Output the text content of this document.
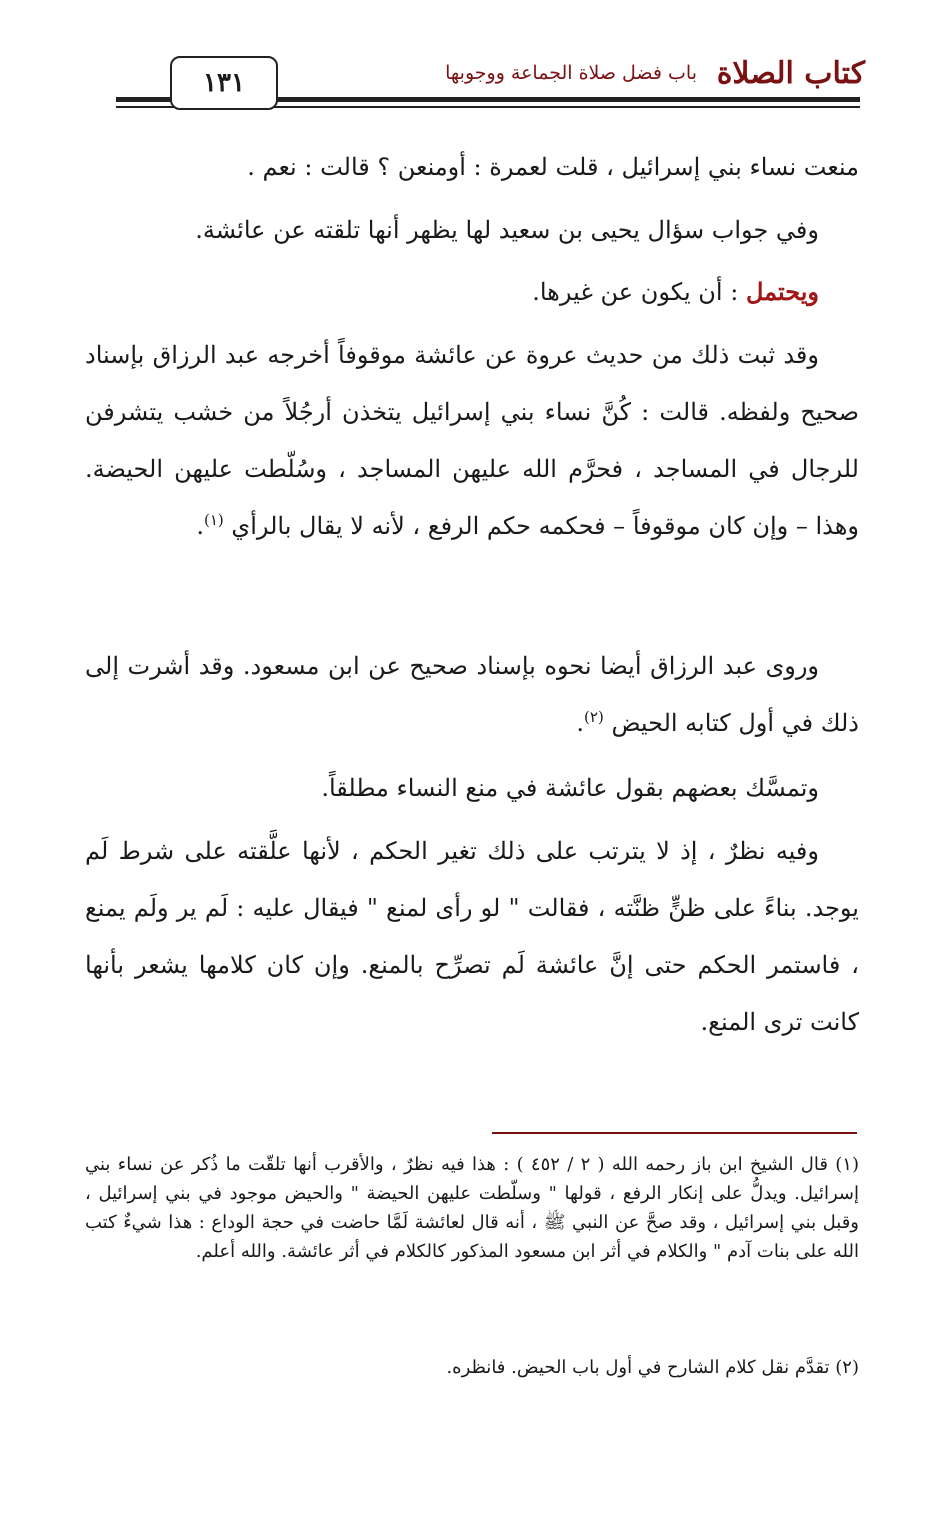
كتاب الصلاة
باب فضل صلاة الجماعة ووجوبها
١٣١

منعت نساء بني إسرائيل ، قلت لعمرة : أومنعن ؟ قالت : نعم .

وفي جواب سؤال يحيى بن سعيد لها يظهر أنها تلقته عن عائشة.

ويحتمل : أن يكون عن غيرها.

وقد ثبت ذلك من حديث عروة عن عائشة موقوفاً أخرجه عبد الرزاق بإسناد صحيح ولفظه. قالت : كُنَّ نساء بني إسرائيل يتخذن أرجُلاً من خشب يتشرفن للرجال في المساجد ، فحرَّم الله عليهن المساجد ، وسُلّطت عليهن الحيضة. وهذا – وإن كان موقوفاً – فحكمه حكم الرفع ، لأنه لا يقال بالرأي $^{(١)}$.

وروى عبد الرزاق أيضا نحوه بإسناد صحيح عن ابن مسعود. وقد أشرت إلى ذلك في أول كتابه الحيض $^{(٢)}$.

وتمسَّك بعضهم بقول عائشة في منع النساء مطلقاً.

وفيه نظرٌ ، إذ لا يترتب على ذلك تغير الحكم ، لأنها علَّقته على شرط لَم يوجد. بناءً على ظنٍّ ظنَّته ، فقالت " لو رأى لمنع " فيقال عليه : لَم ير ولَم يمنع ، فاستمر الحكم حتى إنَّ عائشة لَم تصرِّح بالمنع. وإن كان كلامها يشعر بأنها كانت ترى المنع.

(١) قال الشيخ ابن باز رحمه الله ( ٢ / ٤٥٢ ) : هذا فيه نظرٌ ، والأقرب أنها تلقّت ما ذُكر عن نساء بني إسرائيل. ويدلُّ على إنكار الرفع ، قولها " وسلّطت عليهن الحيضة " والحيض موجود في بني إسرائيل ، وقبل بني إسرائيل ، وقد صحَّ عن النبي ﷺ ، أنه قال لعائشة لَمَّا حاضت في حجة الوداع : هذا شيءٌ كتب الله على بنات آدم " والكلام في أثر ابن مسعود المذكور كالكلام في أثر عائشة. والله أعلم.

(٢) تقدَّم نقل كلام الشارح في أول باب الحيض. فانظره.
